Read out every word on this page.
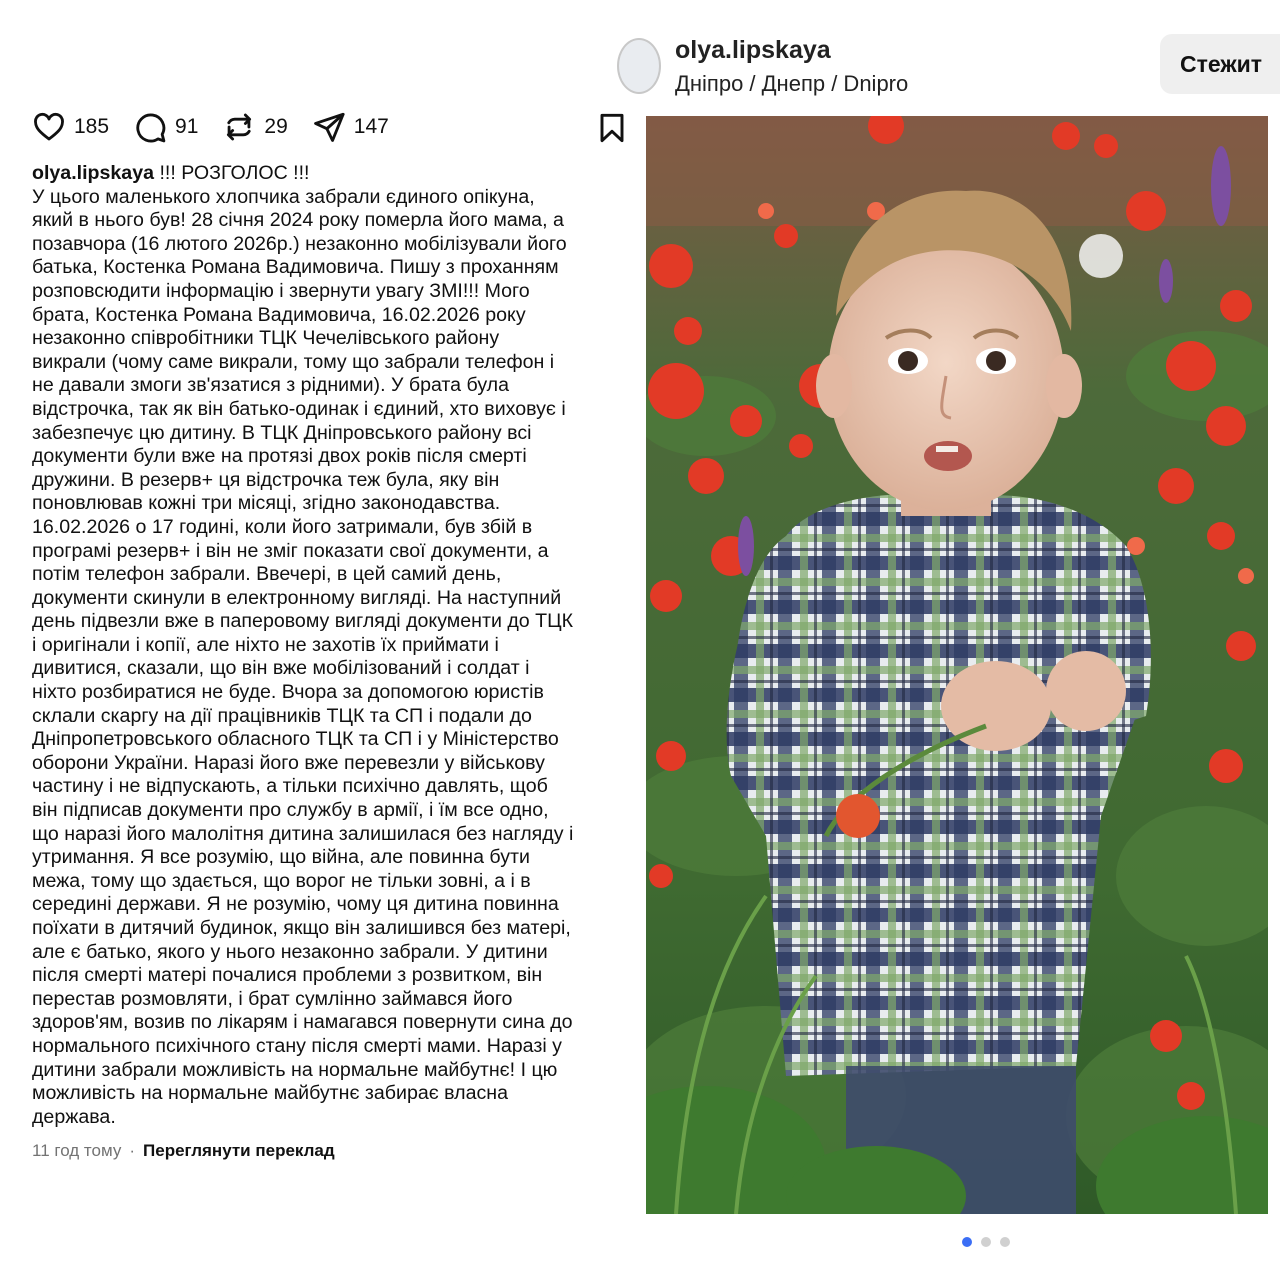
185	91	29	147
olya.lipskaya !!! РОЗГОЛОС !!!
У цього маленького хлопчика забрали єдиного опікуна,
який в нього був! 28 січня 2024 року померла його мама, а
позавчора (16 лютого 2026р.) незаконно мобілізували його
батька, Костенка Романа Вадимовича. Пишу з проханням
розповсюдити інформацію і звернути увагу ЗМІ!!! Мого
брата, Костенка Романа Вадимовича, 16.02.2026 року
незаконно співробітники ТЦК Чечелівського району
викрали (чому саме викрали, тому що забрали телефон і
не давали змоги зв'язатися з рідними). У брата була
відстрочка, так як він батько-одинак і єдиний, хто виховує і
забезпечує цю дитину. В ТЦК Дніпровського району всі
документи були вже на протязі двох років після смерті
дружини. В резерв+ ця відстрочка теж була, яку він
поновлював кожні три місяці, згідно законодавства.
16.02.2026 о 17 годині, коли його затримали, був збій в
програмі резерв+ і він не зміг показати свої документи, а
потім телефон забрали. Ввечері, в цей самий день,
документи скинули в електронному вигляді. На наступний
день підвезли вже в паперовому вигляді документи до ТЦК
і оригінали і копії, але ніхто не захотів їх приймати і
дивитися, сказали, що він вже мобілізований і солдат і
ніхто розбиратися не буде. Вчора за допомогою юристів
склали скаргу на дії працівників ТЦК та СП і подали до
Дніпропетровського обласного ТЦК та СП і у Міністерство
оборони України. Наразі його вже перевезли у військову
частину і не відпускають, а тільки психічно давлять, щоб
він підписав документи про службу в армії, і їм все одно,
що наразі його малолітня дитина залишилася без нагляду і
утримання. Я все розумію, що війна, але повинна бути
межа, тому що здається, що ворог не тільки зовні, а і в
середині держави. Я не розумію, чому ця дитина повинна
поїхати в дитячий будинок, якщо він залишився без матері,
але є батько, якого у нього незаконно забрали. У дитини
після смерті матері почалися проблеми з розвитком, він
перестав розмовляти, і брат сумлінно займався його
здоров'ям, возив по лікарям і намагався повернути сина до
нормального психічного стану після смерті мами. Наразі у
дитини забрали можливість на нормальне майбутнє! І цю
можливість на нормальне майбутнє забирає власна
держава.
11 год тому · Переглянути переклад
olya.lipskaya
Дніпро / Днепр / Dnipro
Стежит
